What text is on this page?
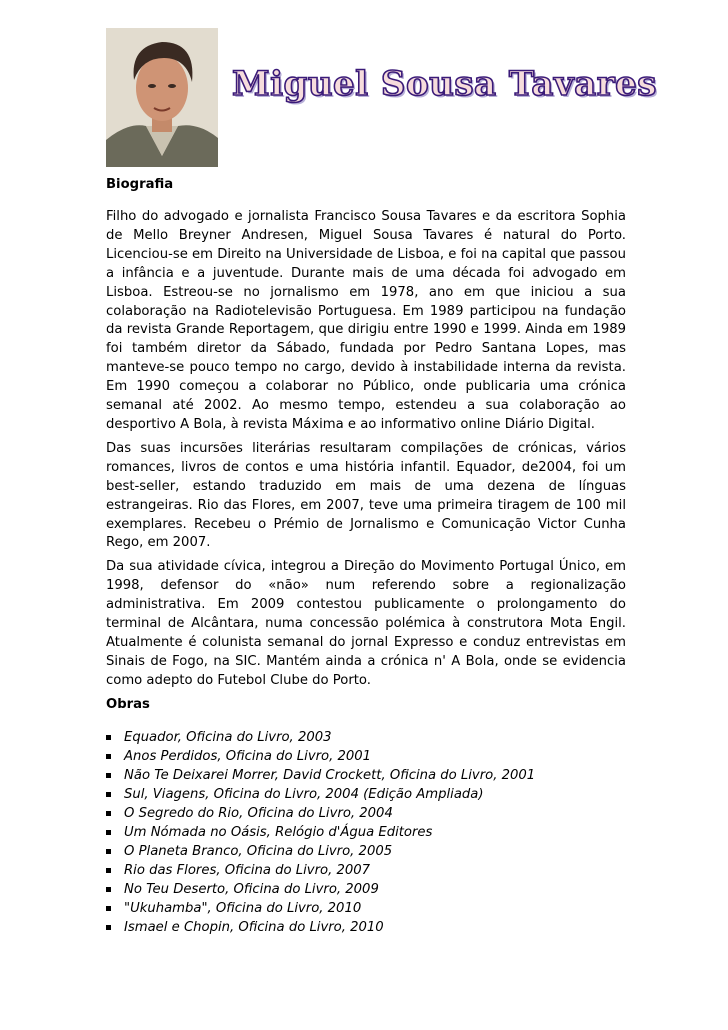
Miguel Sousa Tavares
Biografia

Filho do advogado e jornalista Francisco Sousa Tavares e da escritora Sophia de Mello Breyner Andresen, Miguel Sousa Tavares é natural do Porto. Licenciou-se em Direito na Universidade de Lisboa, e foi na capital que passou a infância e a juventude. Durante mais de uma década foi advogado em Lisboa. Estreou-se no jornalismo em 1978, ano em que iniciou a sua colaboração na Radiotelevisão Portuguesa. Em 1989 participou na fundação da revista Grande Reportagem, que dirigiu entre 1990 e 1999. Ainda em 1989 foi também diretor da Sábado, fundada por Pedro Santana Lopes, mas manteve-se pouco tempo no cargo, devido à instabilidade interna da revista. Em 1990 começou a colaborar no Público, onde publicaria uma crónica semanal até 2002. Ao mesmo tempo, estendeu a sua colaboração ao desportivo A Bola, à revista Máxima e ao informativo online Diário Digital.

Das suas incursões literárias resultaram compilações de crónicas, vários romances, livros de contos e uma história infantil. Equador, de2004, foi um best-seller, estando traduzido em mais de uma dezena de línguas estrangeiras. Rio das Flores, em 2007, teve uma primeira tiragem de 100 mil exemplares. Recebeu o Prémio de Jornalismo e Comunicação Victor Cunha Rego, em 2007.

Da sua atividade cívica, integrou a Direção do Movimento Portugal Único, em 1998, defensor do «não» num referendo sobre a regionalização administrativa. Em 2009 contestou publicamente o prolongamento do terminal de Alcântara, numa concessão polémica à construtora Mota Engil. Atualmente é colunista semanal do jornal Expresso e conduz entrevistas em Sinais de Fogo, na SIC. Mantém ainda a crónica n' A Bola, onde se evidencia como adepto do Futebol Clube do Porto.

Obras
Equador, Oficina do Livro, 2003
Anos Perdidos, Oficina do Livro, 2001
Não Te Deixarei Morrer, David Crockett, Oficina do Livro, 2001
Sul, Viagens, Oficina do Livro, 2004 (Edição Ampliada)
O Segredo do Rio, Oficina do Livro, 2004
Um Nómada no Oásis, Relógio d'Água Editores
O Planeta Branco, Oficina do Livro, 2005
Rio das Flores, Oficina do Livro, 2007
No Teu Deserto, Oficina do Livro, 2009
"Ukuhamba", Oficina do Livro, 2010
Ismael e Chopin, Oficina do Livro, 2010
